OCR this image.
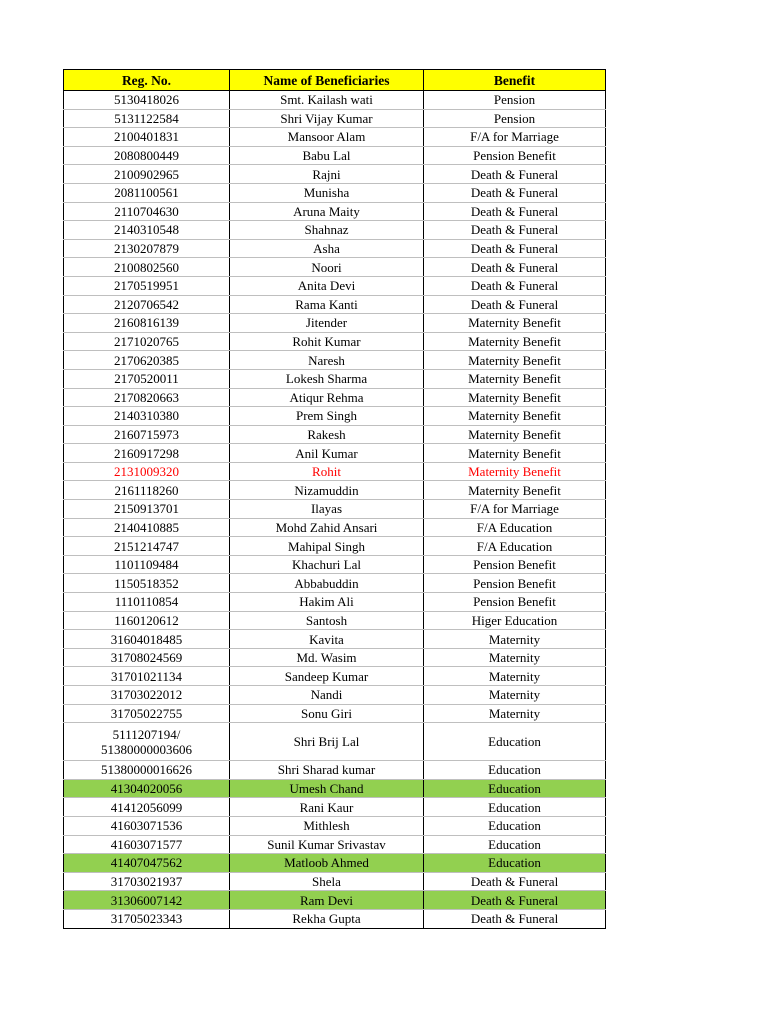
Reg. No.	Name of Beneficiaries	Benefit
5130418026	Smt. Kailash wati	Pension
5131122584	Shri Vijay Kumar	Pension
2100401831	Mansoor Alam	F/A for Marriage
2080800449	Babu Lal	Pension Benefit
2100902965	Rajni	Death & Funeral
2081100561	Munisha	Death & Funeral
2110704630	Aruna Maity	Death & Funeral
2140310548	Shahnaz	Death & Funeral
2130207879	Asha	Death & Funeral
2100802560	Noori	Death & Funeral
2170519951	Anita Devi	Death & Funeral
2120706542	Rama Kanti	Death & Funeral
2160816139	Jitender	Maternity Benefit
2171020765	Rohit Kumar	Maternity Benefit
2170620385	Naresh	Maternity Benefit
2170520011	Lokesh Sharma	Maternity Benefit
2170820663	Atiqur Rehma	Maternity Benefit
2140310380	Prem Singh	Maternity Benefit
2160715973	Rakesh	Maternity Benefit
2160917298	Anil Kumar	Maternity Benefit
2131009320	Rohit	Maternity Benefit
2161118260	Nizamuddin	Maternity Benefit
2150913701	Ilayas	F/A for Marriage
2140410885	Mohd Zahid Ansari	F/A Education
2151214747	Mahipal Singh	F/A Education
1101109484	Khachuri Lal	Pension Benefit
1150518352	Abbabuddin	Pension Benefit
1110110854	Hakim Ali	Pension Benefit
1160120612	Santosh	Higer Education
31604018485	Kavita	Maternity
31708024569	Md. Wasim	Maternity
31701021134	Sandeep Kumar	Maternity
31703022012	Nandi	Maternity
31705022755	Sonu Giri	Maternity

5111207194/
51380000003606	Shri Brij Lal	Education
51380000016626	Shri Sharad kumar	Education
41304020056	Umesh Chand	Education
41412056099	Rani Kaur	Education
41603071536	Mithlesh	Education
41603071577	Sunil Kumar Srivastav	Education
41407047562	Matloob Ahmed	Education
31703021937	Shela	Death & Funeral
31306007142	Ram Devi	Death & Funeral
31705023343	Rekha Gupta	Death & Funeral
